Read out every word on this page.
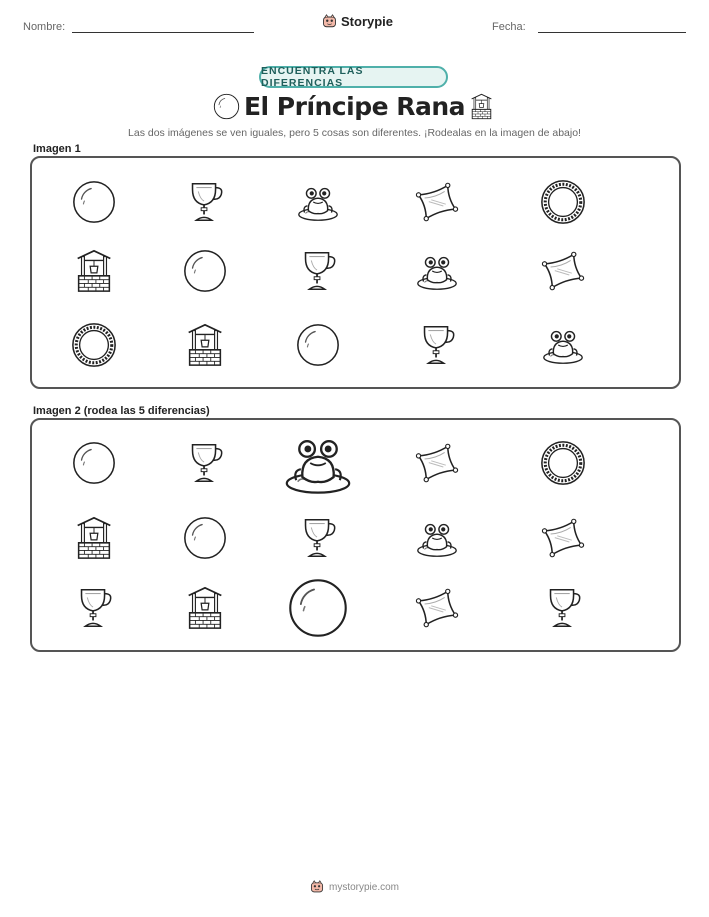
Nombre:	Storypie	Fecha:
ENCUENTRA LAS DIFERENCIAS
El Príncipe Rana
Las dos imágenes se ven iguales, pero 5 cosas son diferentes. ¡Rodealas en la imagen de abajo!
Imagen 1
Imagen 2 (rodea las 5 diferencias)
mystorypie.com
